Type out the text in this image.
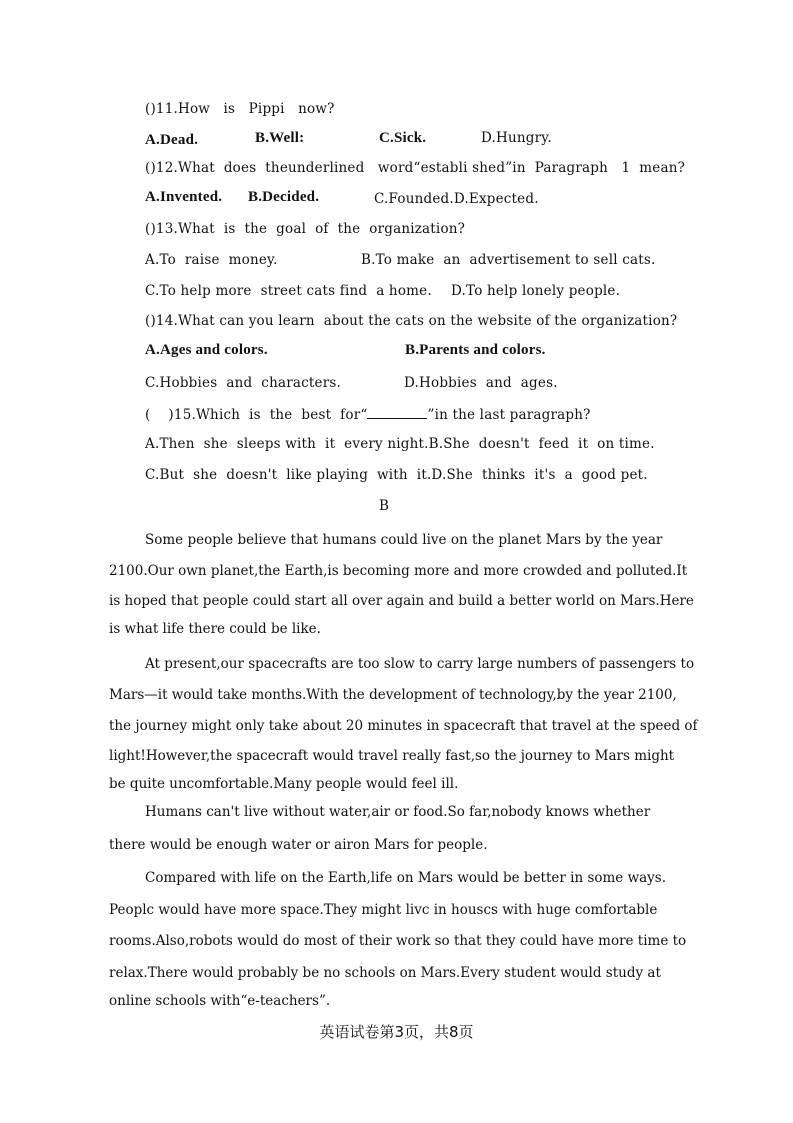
()11.How   is   Pippi   now?
A.Dead.	B.Well:	C.Sick.	D.Hungry.
()12.What  does  theunderlined   word“establi shed”in  Paragraph   1  mean?
A.Invented. B.Decided.	C.Founded.D.Expected.
()13.What  is  the  goal  of  the  organization?
A.To  raise  money.	B.To make  an  advertisement to sell cats.
C.To help more  street cats find  a home. D.To help lonely people.
()14.What can you learn  about the cats on the website of the organization?
A.Ages and colors.	B.Parents and colors.
C.Hobbies  and  characters.	D.Hobbies  and  ages.
(    )15.Which  is  the  best  for“	”in the last paragraph?
A.Then  she  sleeps with  it  every night.B.She  doesn't  feed  it  on time.
C.But  she  doesn't  like playing  with  it.D.She  thinks  it's  a  good pet.
B
Some people believe that humans could live on the planet Mars by the year
2100.Our own planet,the Earth,is becoming more and more crowded and polluted.It
is hoped that people could start all over again and build a better world on Mars.Here
is what life there could be like.
At present,our spacecrafts are too slow to carry large numbers of passengers to
Mars—it would take months.With the development of technology,by the year 2100,
the journey might only take about 20 minutes in spacecraft that travel at the speed of
light!However,the spacecraft would travel really fast,so the journey to Mars might
be quite uncomfortable.Many people would feel ill.
Humans can't live without water,air or food.So far,nobody knows whether
there would be enough water or airon Mars for people.
Compared with life on the Earth,life on Mars would be better in some ways.
Peoplc would have more space.They might livc in houscs with huge comfortable
rooms.Also,robots would do most of their work so that they could have more time to
relax.There would probably be no schools on Mars.Every student would study at
online schools with“e-teachers”.
英语试卷第3页，共8页
